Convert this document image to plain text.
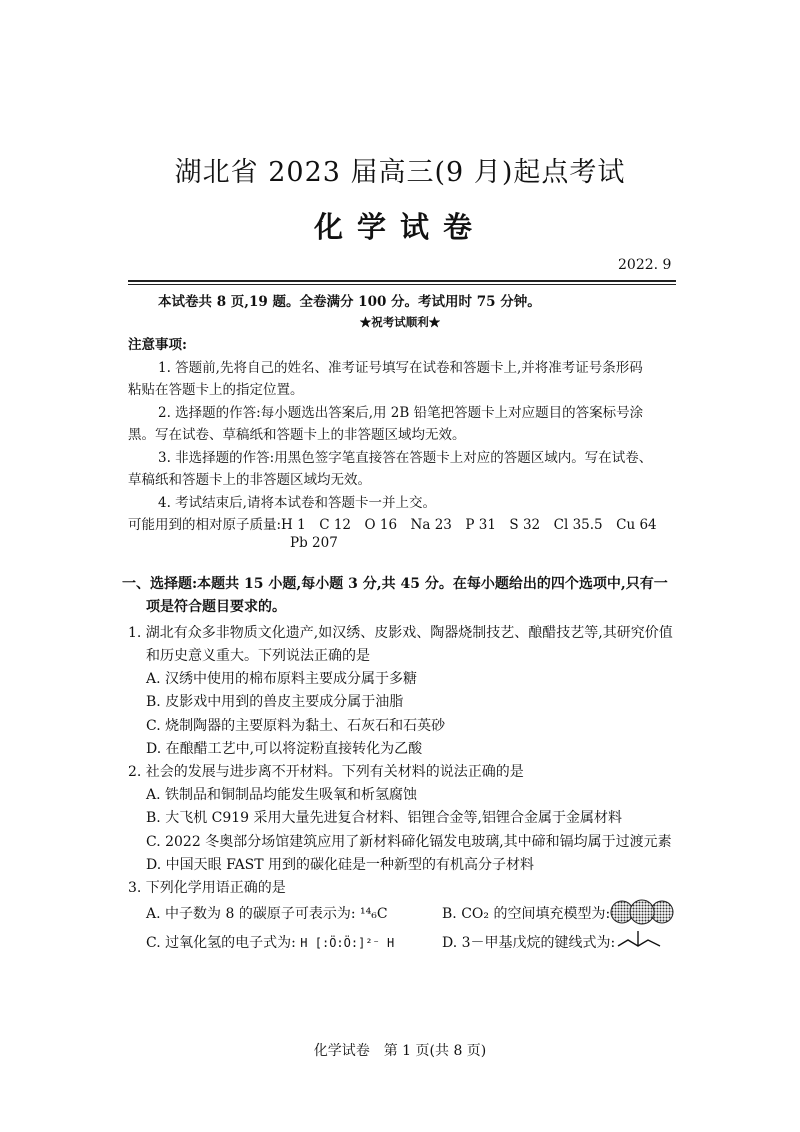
湖北省 2023 届高三(9 月)起点考试
化学试卷
2022. 9
本试卷共 8 页,19 题。全卷满分 100 分。考试用时 75 分钟。
★祝考试顺利★
注意事项:
1. 答题前,先将自己的姓名、准考证号填写在试卷和答题卡上,并将准考证号条形码
粘贴在答题卡上的指定位置。
2. 选择题的作答:每小题选出答案后,用 2B 铅笔把答题卡上对应题目的答案标号涂
黑。写在试卷、草稿纸和答题卡上的非答题区域均无效。
3. 非选择题的作答:用黑色签字笔直接答在答题卡上对应的答题区域内。写在试卷、
草稿纸和答题卡上的非答题区域均无效。
4. 考试结束后,请将本试卷和答题卡一并上交。
可能用到的相对原子质量:H 1　C 12　O 16　Na 23　P 31　S 32　Cl 35.5　Cu 64
Pb 207
一、选择题:本题共 15 小题,每小题 3 分,共 45 分。在每小题给出的四个选项中,只有一
项是符合题目要求的。
1. 湖北有众多非物质文化遗产,如汉绣、皮影戏、陶器烧制技艺、酿醋技艺等,其研究价值
和历史意义重大。下列说法正确的是
A. 汉绣中使用的棉布原料主要成分属于多糖
B. 皮影戏中用到的兽皮主要成分属于油脂
C. 烧制陶器的主要原料为黏土、石灰石和石英砂
D. 在酿醋工艺中,可以将淀粉直接转化为乙酸
2. 社会的发展与进步离不开材料。下列有关材料的说法正确的是
A. 铁制品和铜制品均能发生吸氧和析氢腐蚀
B. 大飞机 C919 采用大量先进复合材料、铝锂合金等,铝锂合金属于金属材料
C. 2022 冬奥部分场馆建筑应用了新材料碲化镉发电玻璃,其中碲和镉均属于过渡元素
D. 中国天眼 FAST 用到的碳化硅是一种新型的有机高分子材料
3. 下列化学用语正确的是
A. 中子数为 8 的碳原子可表示为: ¹⁴₆C	B. CO₂ 的空间填充模型为:
C. 过氧化氢的电子式为: H [:Ö:Ö:]²⁻ H	D. 3－甲基戊烷的键线式为:
化学试卷　第 1 页(共 8 页)
